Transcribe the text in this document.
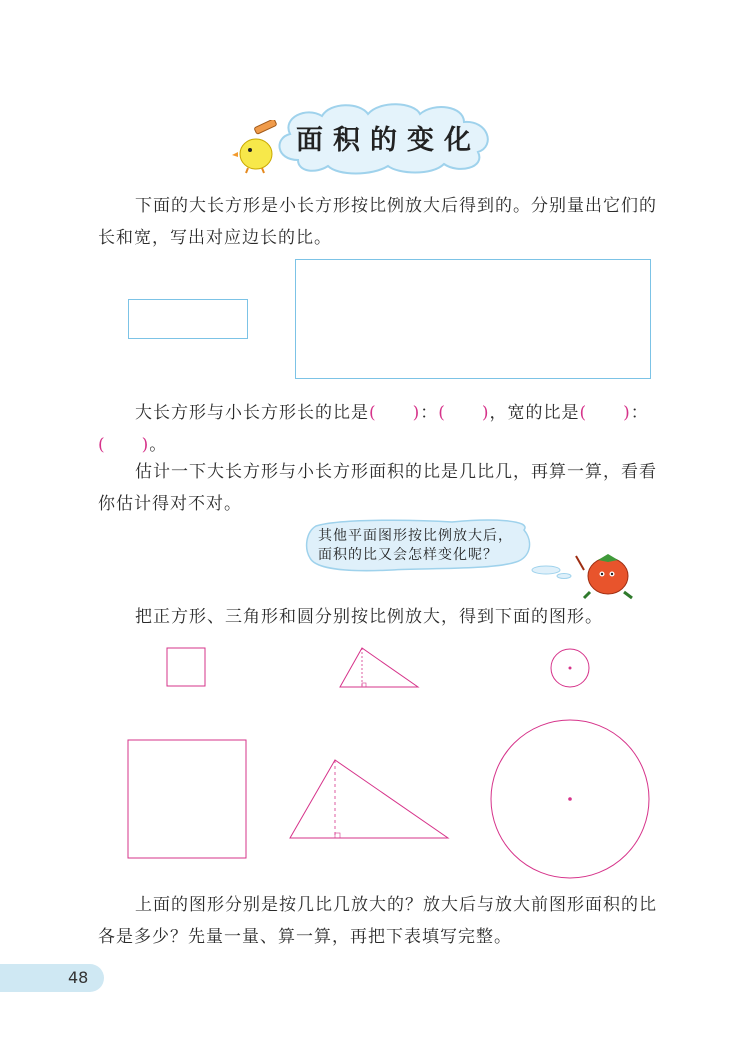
面积的变化
下面的大长方形是小长方形按比例放大后得到的。分别量出它们的长和宽，写出对应边长的比。
大长方形与小长方形长的比是(　　)：(　　)，宽的比是(　　)：(　　)。
估计一下大长方形与小长方形面积的比是几比几，再算一算，看看你估计得对不对。
其他平面图形按比例放大后，
面积的比又会怎样变化呢？
把正方形、三角形和圆分别按比例放大，得到下面的图形。
上面的图形分别是按几比几放大的？放大后与放大前图形面积的比各是多少？先量一量、算一算，再把下表填写完整。
48
